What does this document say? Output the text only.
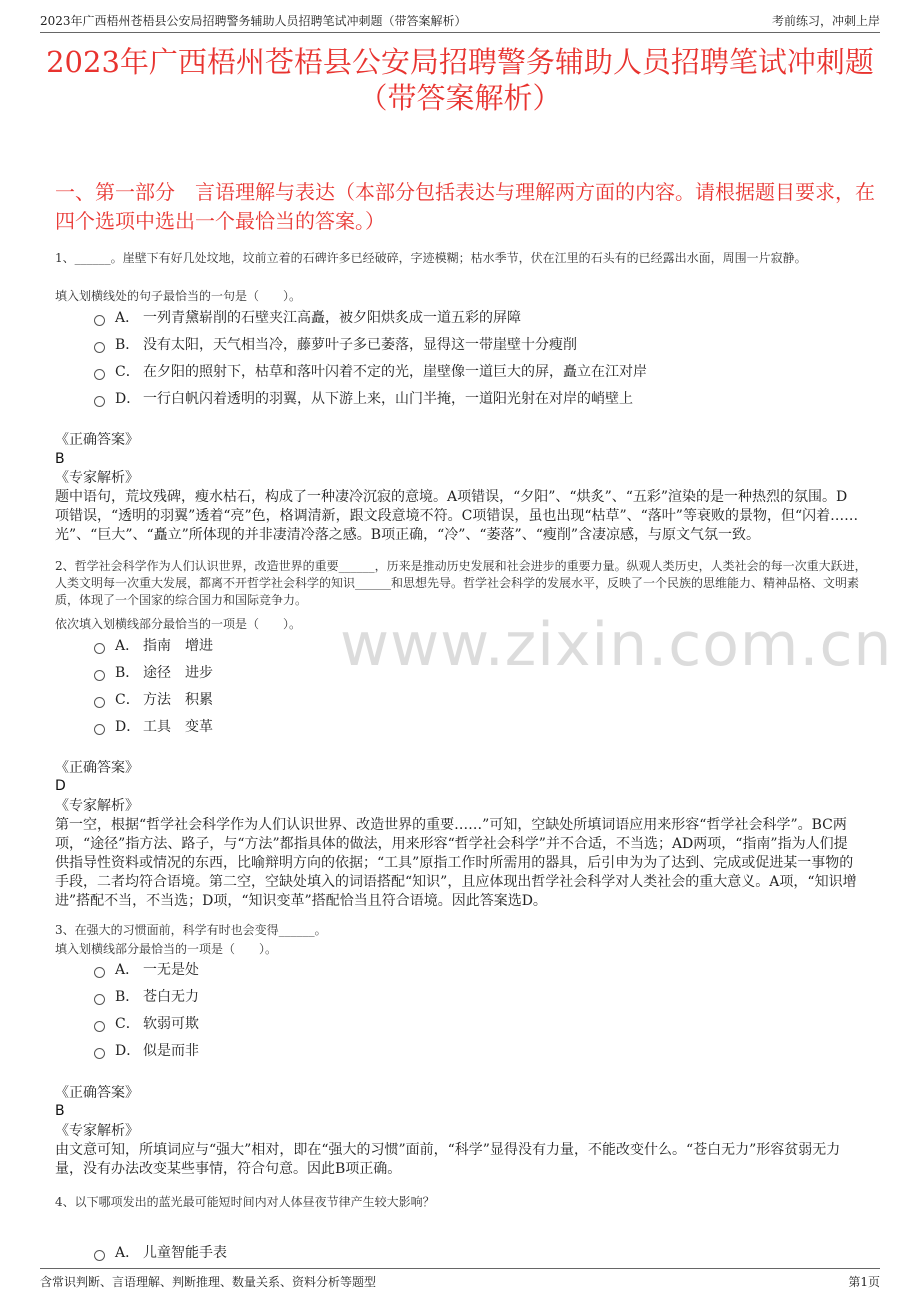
2023年广西梧州苍梧县公安局招聘警务辅助人员招聘笔试冲刺题（带答案解析）	考前练习，冲刺上岸
2023年广西梧州苍梧县公安局招聘警务辅助人员招聘笔试冲刺题（带答案解析）
一、第一部分　言语理解与表达（本部分包括表达与理解两方面的内容。请根据题目要求，在四个选项中选出一个最恰当的答案。）
www.zixin.com.cn
1、______。崖壁下有好几处坟地，坟前立着的石碑许多已经破碎，字迹模糊；枯水季节，伏在江里的石头有的已经露出水面，周围一片寂静。
填入划横线处的句子最恰当的一句是（　　）。
A． 一列青黛崭削的石壁夹江高矗，被夕阳烘炙成一道五彩的屏障
B． 没有太阳，天气相当冷，藤萝叶子多已萎落，显得这一带崖壁十分瘦削
C． 在夕阳的照射下，枯草和落叶闪着不定的光，崖壁像一道巨大的屏，矗立在江对岸
D． 一行白帆闪着透明的羽翼，从下游上来，山门半掩，一道阳光射在对岸的峭壁上
《正确答案》
B
《专家解析》
题中语句，荒坟残碑，瘦水枯石，构成了一种凄冷沉寂的意境。A项错误，“夕阳”、“烘炙”、“五彩”渲染的是一种热烈的氛围。D项错误，“透明的羽翼”透着“亮”色，格调清新，跟文段意境不符。C项错误，虽也出现“枯草”、“落叶”等衰败的景物，但“闪着……光”、“巨大”、“矗立”所体现的并非凄清冷落之感。B项正确，“冷”、“萎落”、“瘦削”含凄凉感，与原文气氛一致。
2、哲学社会科学作为人们认识世界，改造世界的重要______，历来是推动历史发展和社会进步的重要力量。纵观人类历史，人类社会的每一次重大跃进，人类文明每一次重大发展，都离不开哲学社会科学的知识______和思想先导。哲学社会科学的发展水平，反映了一个民族的思维能力、精神品格、文明素质，体现了一个国家的综合国力和国际竞争力。
依次填入划横线部分最恰当的一项是（　　）。
A． 指南　增进
B． 途径　进步
C． 方法　积累
D． 工具　变革
《正确答案》
D
《专家解析》
第一空，根据“哲学社会科学作为人们认识世界、改造世界的重要……”可知，空缺处所填词语应用来形容“哲学社会科学”。BC两项，“途径”指方法、路子，与“方法”都指具体的做法，用来形容“哲学社会科学”并不合适，不当选；AD两项，“指南”指为人们提供指导性资料或情况的东西，比喻辩明方向的依据；“工具”原指工作时所需用的器具，后引申为为了达到、完成或促进某一事物的手段，二者均符合语境。第二空，空缺处填入的词语搭配“知识”，且应体现出哲学社会科学对人类社会的重大意义。A项，“知识增进”搭配不当，不当选；D项，“知识变革”搭配恰当且符合语境。因此答案选D。
3、在强大的习惯面前，科学有时也会变得______。
填入划横线部分最恰当的一项是（　　）。
A． 一无是处
B． 苍白无力
C． 软弱可欺
D． 似是而非
《正确答案》
B
《专家解析》
由文意可知，所填词应与“强大”相对，即在“强大的习惯”面前，“科学”显得没有力量，不能改变什么。“苍白无力”形容贫弱无力量，没有办法改变某些事情，符合句意。因此B项正确。
4、以下哪项发出的蓝光最可能短时间内对人体昼夜节律产生较大影响？
A． 儿童智能手表
含常识判断、言语理解、判断推理、数量关系、资料分析等题型	第1页
